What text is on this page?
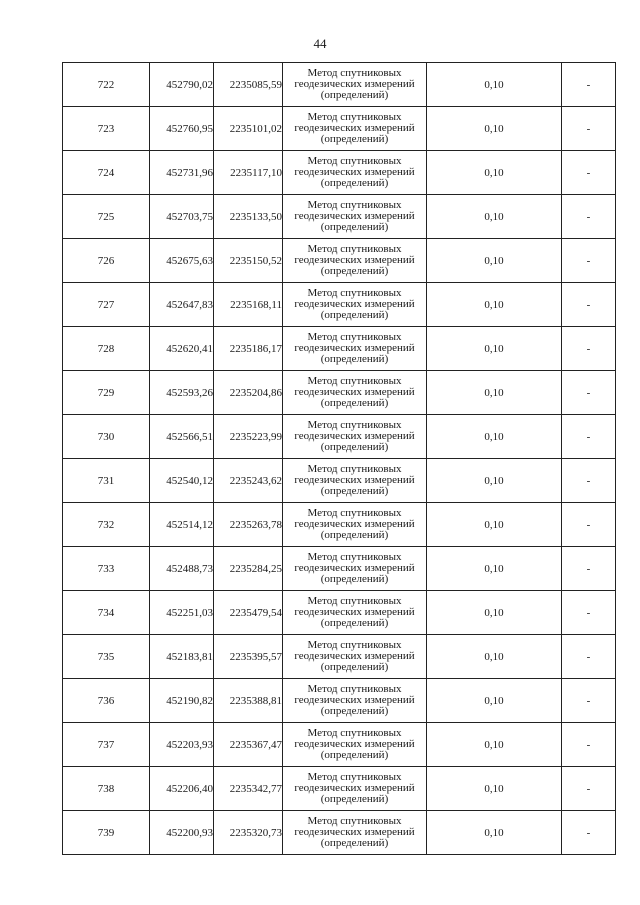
44
722	452790,02	2235085,59	Метод спутниковых
геодезических измерений
(определений)	0,10	-
723	452760,95	2235101,02	Метод спутниковых
геодезических измерений
(определений)	0,10	-
724	452731,96	2235117,10	Метод спутниковых
геодезических измерений
(определений)	0,10	-
725	452703,75	2235133,50	Метод спутниковых
геодезических измерений
(определений)	0,10	-
726	452675,63	2235150,52	Метод спутниковых
геодезических измерений
(определений)	0,10	-
727	452647,83	2235168,11	Метод спутниковых
геодезических измерений
(определений)	0,10	-
728	452620,41	2235186,17	Метод спутниковых
геодезических измерений
(определений)	0,10	-
729	452593,26	2235204,86	Метод спутниковых
геодезических измерений
(определений)	0,10	-
730	452566,51	2235223,99	Метод спутниковых
геодезических измерений
(определений)	0,10	-
731	452540,12	2235243,62	Метод спутниковых
геодезических измерений
(определений)	0,10	-
732	452514,12	2235263,78	Метод спутниковых
геодезических измерений
(определений)	0,10	-
733	452488,73	2235284,25	Метод спутниковых
геодезических измерений
(определений)	0,10	-
734	452251,03	2235479,54	Метод спутниковых
геодезических измерений
(определений)	0,10	-
735	452183,81	2235395,57	Метод спутниковых
геодезических измерений
(определений)	0,10	-
736	452190,82	2235388,81	Метод спутниковых
геодезических измерений
(определений)	0,10	-
737	452203,93	2235367,47	Метод спутниковых
геодезических измерений
(определений)	0,10	-
738	452206,40	2235342,77	Метод спутниковых
геодезических измерений
(определений)	0,10	-
739	452200,93	2235320,73	Метод спутниковых
геодезических измерений
(определений)	0,10	-
